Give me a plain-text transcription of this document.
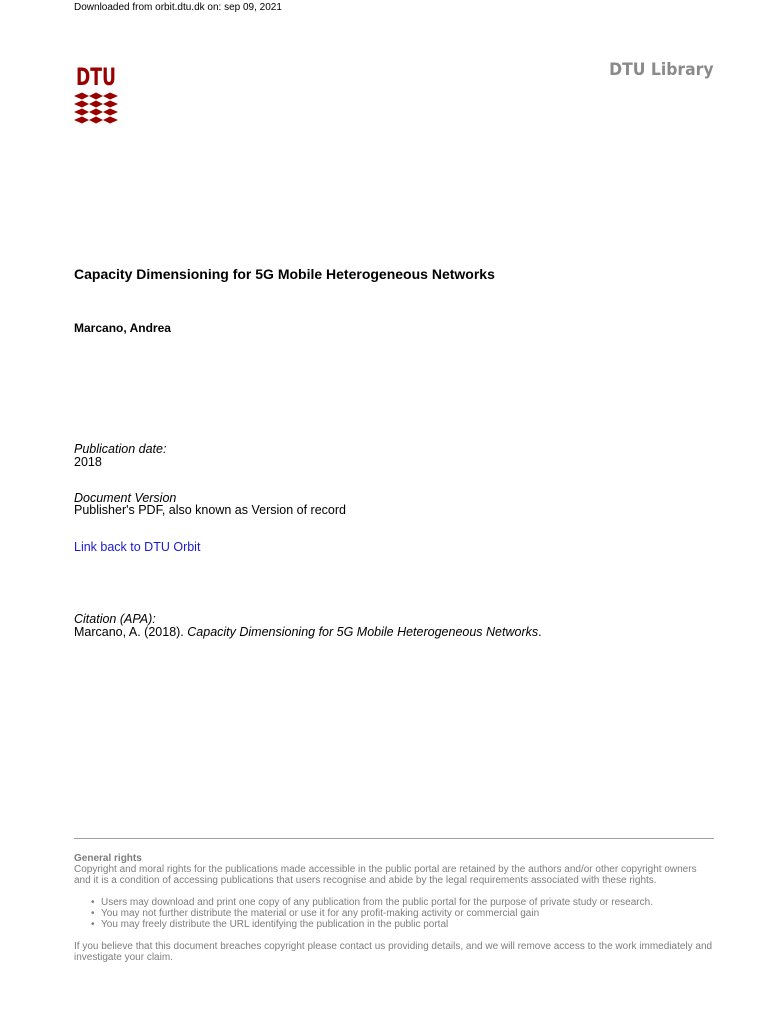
Downloaded from orbit.dtu.dk on: sep 09, 2021
DTU	DTU Library
Capacity Dimensioning for 5G Mobile Heterogeneous Networks
Marcano, Andrea
Publication date:
2018
Document Version
Publisher's PDF, also known as Version of record
Link back to DTU Orbit
Citation (APA):
Marcano, A. (2018). Capacity Dimensioning for 5G Mobile Heterogeneous Networks.
General rights

Copyright and moral rights for the publications made accessible in the public portal are retained by the authors and/or other copyright owners and it is a condition of accessing publications that users recognise and abide by the legal requirements associated with these rights.

• Users may download and print one copy of any publication from the public portal for the purpose of private study or research.
• You may not further distribute the material or use it for any profit-making activity or commercial gain
• You may freely distribute the URL identifying the publication in the public portal

If you believe that this document breaches copyright please contact us providing details, and we will remove access to the work immediately and investigate your claim.
